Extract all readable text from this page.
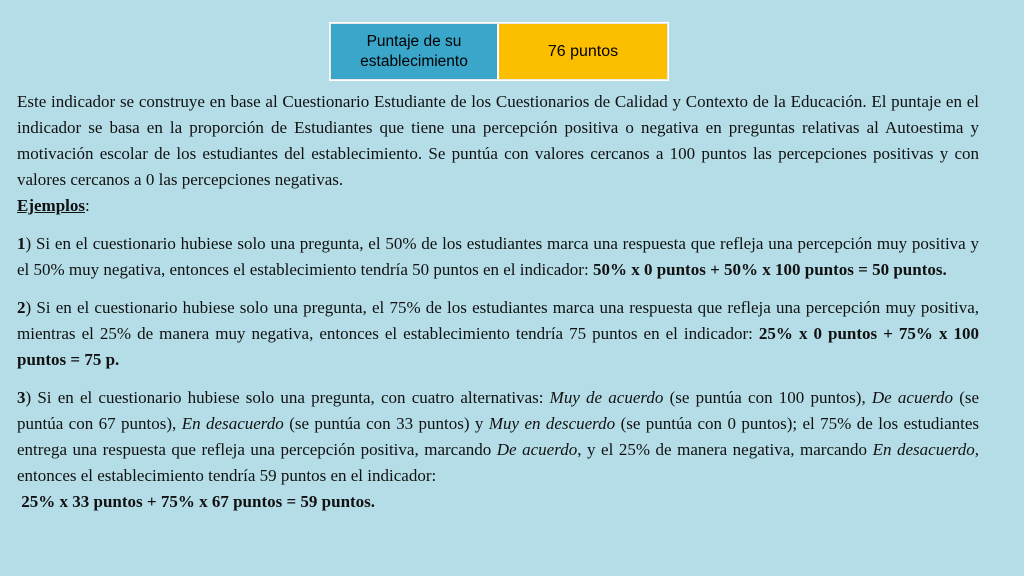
Puntaje de su
establecimiento
76 puntos

Este indicador se construye en base al Cuestionario Estudiante de los Cuestionarios de Calidad y Contexto de la Educación. El puntaje en el indicador se basa en la proporción de Estudiantes que tiene una percepción positiva o negativa en preguntas relativas al Autoestima y motivación escolar de los estudiantes del establecimiento. Se puntúa con valores cercanos a 100 puntos las percepciones positivas y con valores cercanos a 0 las percepciones negativas.

Ejemplos:

1) Si en el cuestionario hubiese solo una pregunta, el 50% de los estudiantes marca una respuesta que refleja una percepción muy positiva y el 50% muy negativa, entonces el establecimiento tendría 50 puntos en el indicador: 50% x 0 puntos + 50% x 100 puntos = 50 puntos.

2) Si en el cuestionario hubiese solo una pregunta, el 75% de los estudiantes marca una respuesta que refleja una percepción muy positiva, mientras el 25% de manera muy negativa, entonces el establecimiento tendría 75 puntos en el indicador: 25% x 0 puntos + 75% x 100 puntos = 75 p.

3) Si en el cuestionario hubiese solo una pregunta, con cuatro alternativas: Muy de acuerdo (se puntúa con 100 puntos), De acuerdo (se puntúa con 67 puntos), En desacuerdo (se puntúa con 33 puntos) y Muy en descuerdo (se puntúa con 0 puntos); el 75% de los estudiantes entrega una respuesta que refleja una percepción positiva, marcando De acuerdo, y el 25% de manera negativa, marcando En desacuerdo, entonces el establecimiento tendría 59 puntos en el indicador:

25% x 33 puntos + 75% x 67 puntos = 59 puntos.
